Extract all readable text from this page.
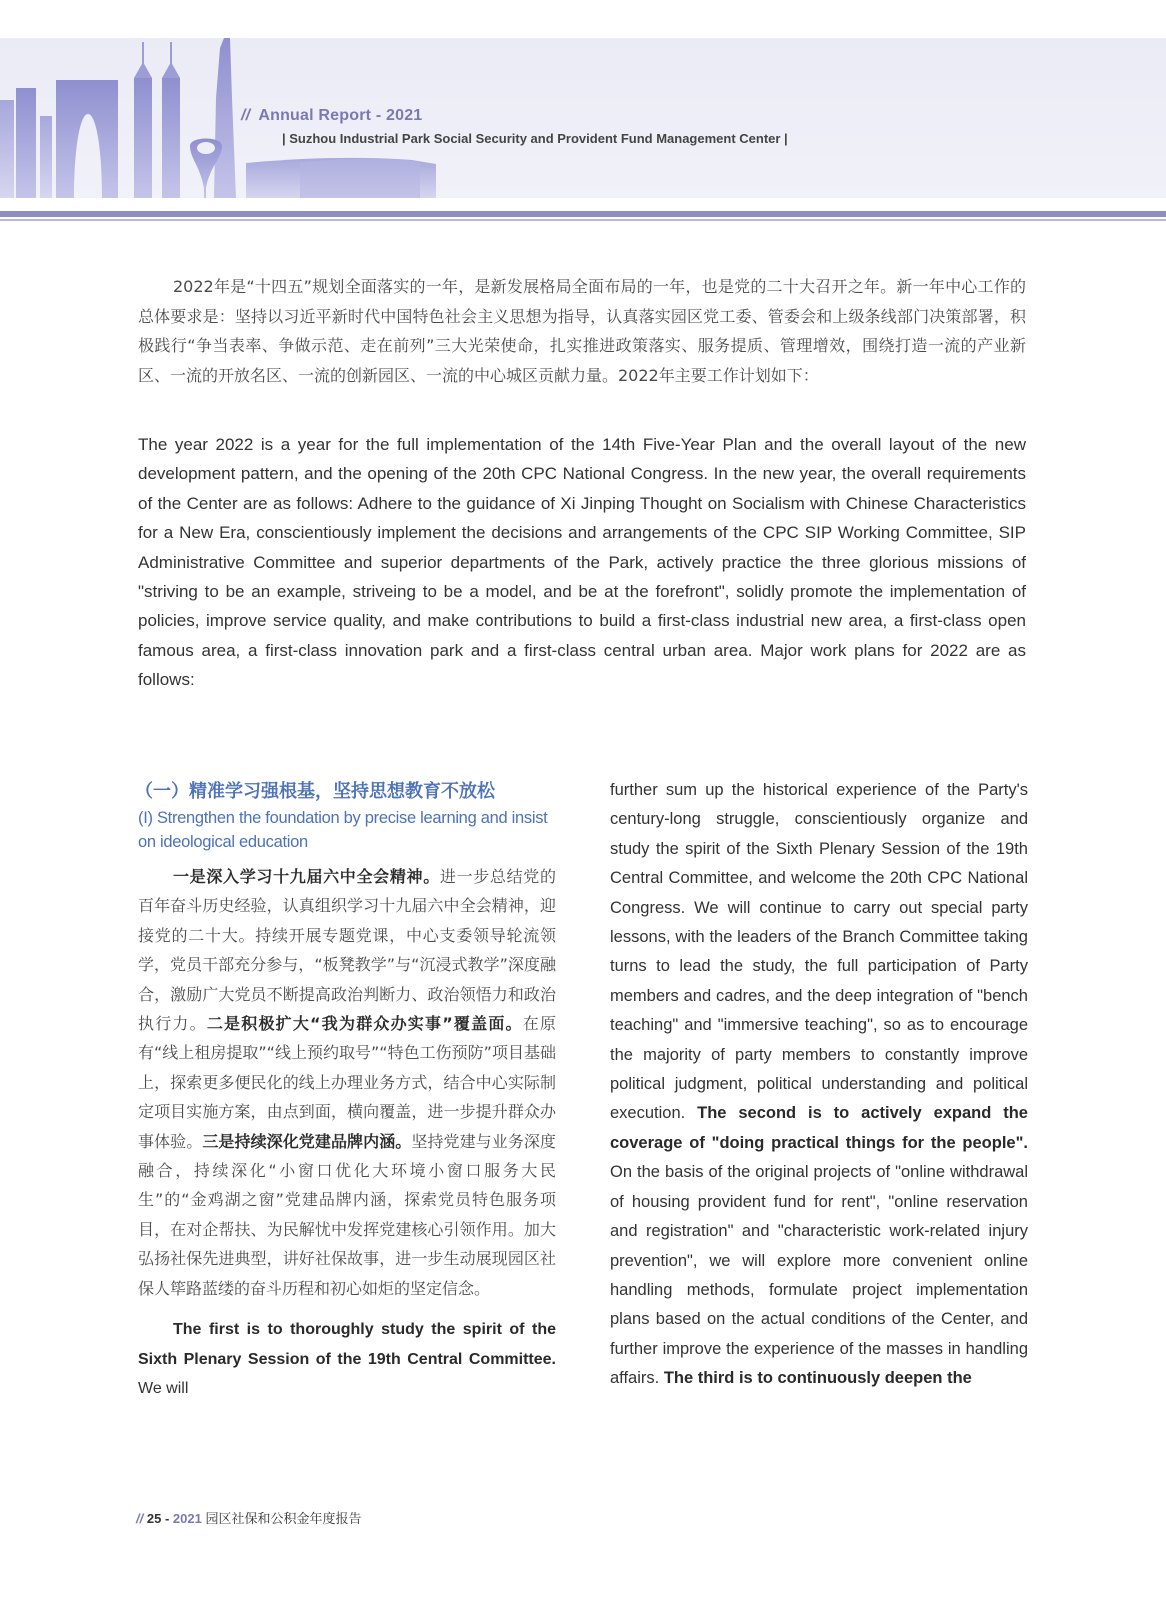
// Annual Report - 2021
| Suzhou Industrial Park Social Security and Provident Fund Management Center |

2022年是“十四五”规划全面落实的一年，是新发展格局全面布局的一年，也是党的二十大召开之年。新一年中心工作的总体要求是：坚持以习近平新时代中国特色社会主义思想为指导，认真落实园区党工委、管委会和上级条线部门决策部署，积极践行“争当表率、争做示范、走在前列”三大光荣使命，扎实推进政策落实、服务提质、管理增效，围绕打造一流的产业新区、一流的开放名区、一流的创新园区、一流的中心城区贡献力量。2022年主要工作计划如下：

The year 2022 is a year for the full implementation of the 14th Five-Year Plan and the overall layout of the new development pattern, and the opening of the 20th CPC National Congress. In the new year, the overall requirements of the Center are as follows: Adhere to the guidance of Xi Jinping Thought on Socialism with Chinese Characteristics for a New Era, conscientiously implement the decisions and arrangements of the CPC SIP Working Committee, SIP Administrative Committee and superior departments of the Park, actively practice the three glorious missions of "striving to be an example, striveing to be a model, and be at the forefront", solidly promote the implementation of policies, improve service quality, and make contributions to build a first-class industrial new area, a first-class open famous area, a first-class innovation park and a first-class central urban area. Major work plans for 2022 are as follows:

（一）精准学习强根基，坚持思想教育不放松
(I) Strengthen the foundation by precise learning and insist on ideological education

一是深入学习十九届六中全会精神。进一步总结党的百年奋斗历史经验，认真组织学习十九届六中全会精神，迎接党的二十大。持续开展专题党课，中心支委领导轮流领学，党员干部充分参与，“板凳教学”与“沉浸式教学”深度融合，激励广大党员不断提高政治判断力、政治领悟力和政治执行力。二是积极扩大“我为群众办实事”覆盖面。在原有“线上租房提取”“线上预约取号”“特色工伤预防”项目基础上，探索更多便民化的线上办理业务方式，结合中心实际制定项目实施方案，由点到面，横向覆盖，进一步提升群众办事体验。三是持续深化党建品牌内涵。坚持党建与业务深度融合，持续深化“小窗口优化大环境小窗口服务大民生”的“金鸡湖之窗”党建品牌内涵，探索党员特色服务项目，在对企帮扶、为民解忧中发挥党建核心引领作用。加大弘扬社保先进典型，讲好社保故事，进一步生动展现园区社保人筚路蓝缕的奋斗历程和初心如炬的坚定信念。

The first is to thoroughly study the spirit of the Sixth Plenary Session of the 19th Central Committee. We will

further sum up the historical experience of the Party's century-long struggle, conscientiously organize and study the spirit of the Sixth Plenary Session of the 19th Central Committee, and welcome the 20th CPC National Congress. We will continue to carry out special party lessons, with the leaders of the Branch Committee taking turns to lead the study, the full participation of Party members and cadres, and the deep integration of "bench teaching" and "immersive teaching", so as to encourage the majority of party members to constantly improve political judgment, political understanding and political execution. The second is to actively expand the coverage of "doing practical things for the people". On the basis of the original projects of "online withdrawal of housing provident fund for rent", "online reservation and registration" and "characteristic work-related injury prevention", we will explore more convenient online handling methods, formulate project implementation plans based on the actual conditions of the Center, and further improve the experience of the masses in handling affairs. The third is to continuously deepen the

// 25 - 2021 园区社保和公积金年度报告
